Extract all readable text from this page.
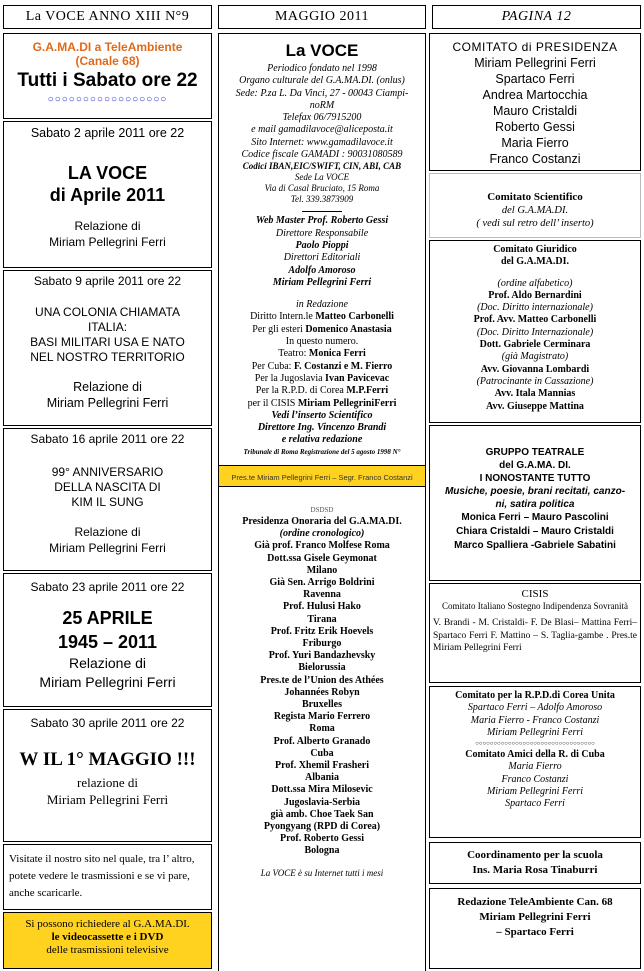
La VOCE ANNO XIII N°9	MAGGIO 2011	PAGINA 12
G.A.MA.DI a TeleAmbiente
(Canale 68)
Tutti i Sabato ore 22
○○○○○○○○○○○○○○○○○
Sabato 2 aprile 2011 ore 22
LA VOCE
di Aprile 2011
Relazione di
Miriam Pellegrini Ferri
Sabato 9 aprile 2011 ore 22
UNA COLONIA CHIAMATA
ITALIA:
BASI MILITARI USA E NATO
NEL NOSTRO TERRITORIO
Relazione di
Miriam Pellegrini Ferri
Sabato 16 aprile 2011 ore 22
99° ANNIVERSARIO
DELLA NASCITA DI
KIM IL SUNG
Relazione di
Miriam Pellegrini Ferri
Sabato 23 aprile 2011 ore 22
25 APRILE
1945 – 2011
Relazione di
Miriam Pellegrini Ferri
Sabato 30 aprile 2011 ore 22
W IL 1° MAGGIO !!!
relazione di
Miriam Pellegrini Ferri
Visitate il nostro sito nel quale, tra l’ altro, potete vedere le trasmissioni e se vi pare, anche scaricarle.
Si possono richiedere al G.A.MA.DI.
le videocassette e i DVD
delle trasmissioni televisive
La VOCE
Periodico fondato nel 1998
Organo culturale del G.A.MA.DI. (onlus)
Sede: P.za L. Da Vinci, 27 - 00043 Ciampi-
noRM
Telefax 06/7915200
e mail gamadilavoce@aliceposta.it
Sito Internet: www.gamadilavoce.it
Codice fiscale GAMADI : 90031080589
Codici IBAN,EIC/SWIFT, CIN, ABI, CAB
Sede La VOCE
Via di Casal Bruciato, 15 Roma
Tel. 339.3873909
Web Master Prof. Roberto Gessi
Direttore Responsabile
Paolo Pioppi
Direttori Editoriali
Adolfo Amoroso
Miriam Pellegrini Ferri
in Redazione
Diritto Intern.le Matteo Carbonelli
Per gli esteri Domenico Anastasia
In questo numero.
Teatro: Monica Ferri
Per Cuba: F. Costanzi e M. Fierro
Per la Jugoslavia Ivan Pavicevac
Per la R.P.D. di Corea M.P.Ferri
per il CISIS Miriam PellegriniFerri
Vedi l’inserto Scientifico
Direttore Ing. Vincenzo Brandi
e relativa redazione
Tribunale di Roma Registrazione del 5 agosto 1998 N°
Pres.te Miriam Pellegrini Ferri – Segr. Franco Costanzi
DSDSD
Presidenza Onoraria del G.A.MA.DI.
(ordine cronologico)
Già prof. Franco Molfese Roma
Dott.ssa Gisele Geymonat
Milano
Già Sen. Arrigo Boldrini
Ravenna
Prof. Hulusi Hako
Tirana
Prof. Fritz Erik Hoevels
Friburgo
Prof. Yuri Bandazhevsky
Bielorussia
Pres.te de l’Union des Athées
Johannées Robyn
Bruxelles
Regista Mario Ferrero
Roma
Prof. Alberto Granado
Cuba
Prof. Xhemil Frasheri
Albania
Dott.ssa Mira Milosevic
Jugoslavia-Serbia
già amb. Choe Taek San
Pyongyang (RPD di Corea)
Prof. Roberto Gessi
Bologna
La VOCE è su Internet tutti i mesi
COMITATO di PRESIDENZA
Miriam Pellegrini Ferri
Spartaco Ferri
Andrea Martocchia
Mauro Cristaldi
Roberto Gessi
Maria Fierro
Franco Costanzi
Comitato Scientifico
del G.A.MA.DI.
( vedi sul retro dell’ inserto)
Comitato Giuridico
del G.A.MA.DI.
(ordine alfabetico)
Prof. Aldo Bernardini
(Doc. Diritto internazionale)
Prof. Avv. Matteo Carbonelli
(Doc. Diritto Internazionale)
Dott. Gabriele Cerminara
(già Magistrato)
Avv. Giovanna Lombardi
(Patrocinante in Cassazione)
Avv. Itala Mannias
Avv. Giuseppe Mattina
GRUPPO TEATRALE
del G.A.MA. DI.
I NONOSTANTE TUTTO
Musiche, poesie, brani recitati, canzo-
ni, satira politica
Monica Ferri – Mauro Pascolini
Chiara Cristaldi – Mauro Cristaldi
Marco Spalliera -Gabriele Sabatini
CISIS
Comitato Italiano Sostegno Indipendenza Sovranità
V. Brandi - M. Cristaldi- F. De Blasi– Mattina Ferri– Spartaco Ferri F. Mattino – S. Taglia-gambe . Pres.te Miriam Pellegrini Ferri
Comitato per la R.P.D.di Corea Unita
Spartaco Ferri – Adolfo Amoroso
Maria Fierro - Franco Costanzi
Miriam Pellegrini Ferri
○○○○○○○○○○○○○○○○○○○○○○○○○○○○○○○○○
Comitato Amici della R. di Cuba
Maria Fierro
Franco Costanzi
Miriam Pellegrini Ferri
Spartaco Ferri
Coordinamento per la scuola
Ins. Maria Rosa Tinaburri
Redazione TeleAmbiente Can. 68
Miriam Pellegrini Ferri
– Spartaco Ferri
